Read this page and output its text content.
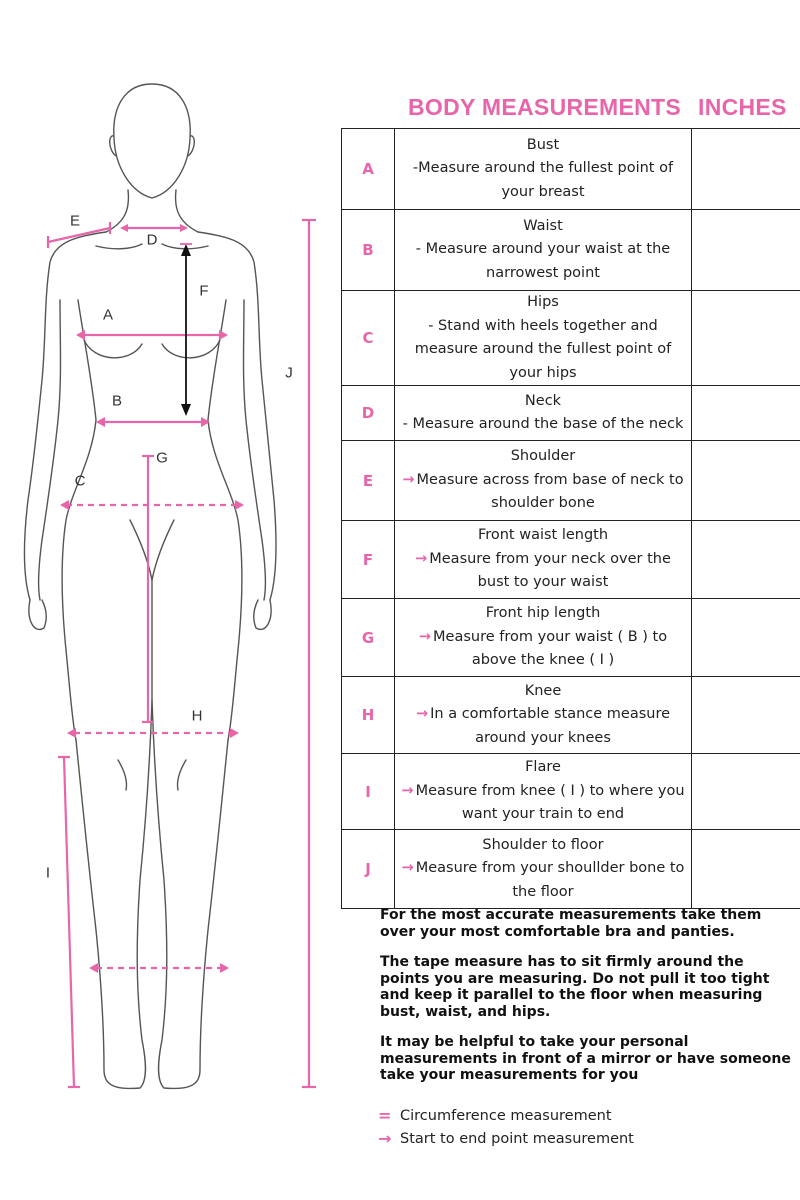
E
D
F
A
J
B
G
C
H
I
BODY MEASUREMENTS INCHES
A	Bust
-Measure around the fullest point of your breast	

B	Waist
- Measure around your waist at the narrowest point	

C	Hips
- Stand with heels together and measure around the fullest point of your hips	

D	Neck
- Measure around the base of the neck	

E	Shoulder
→ Measure across from base of neck to shoulder bone	

F	Front waist length
→ Measure from your neck over the bust to your waist	

G	Front hip length
→ Measure from your waist ( B ) to above the knee ( I )	

H	Knee
→ In a comfortable stance measure around your knees	

I	Flare
→ Measure from knee ( I ) to where you want your train to end	

J	Shoulder to floor
→ Measure from your shoullder bone to the floor	

For the most accurate measurements take them over your most comfortable bra and panties.

The tape measure has to sit firmly around the points you are measuring. Do not pull it too tight and keep it parallel to the floor when measuring bust, waist, and hips.

It may be helpful to take your personal measurements in front of a mirror or have someone take your measurements for you

= Circumference measurement
→ Start to end point measurement
